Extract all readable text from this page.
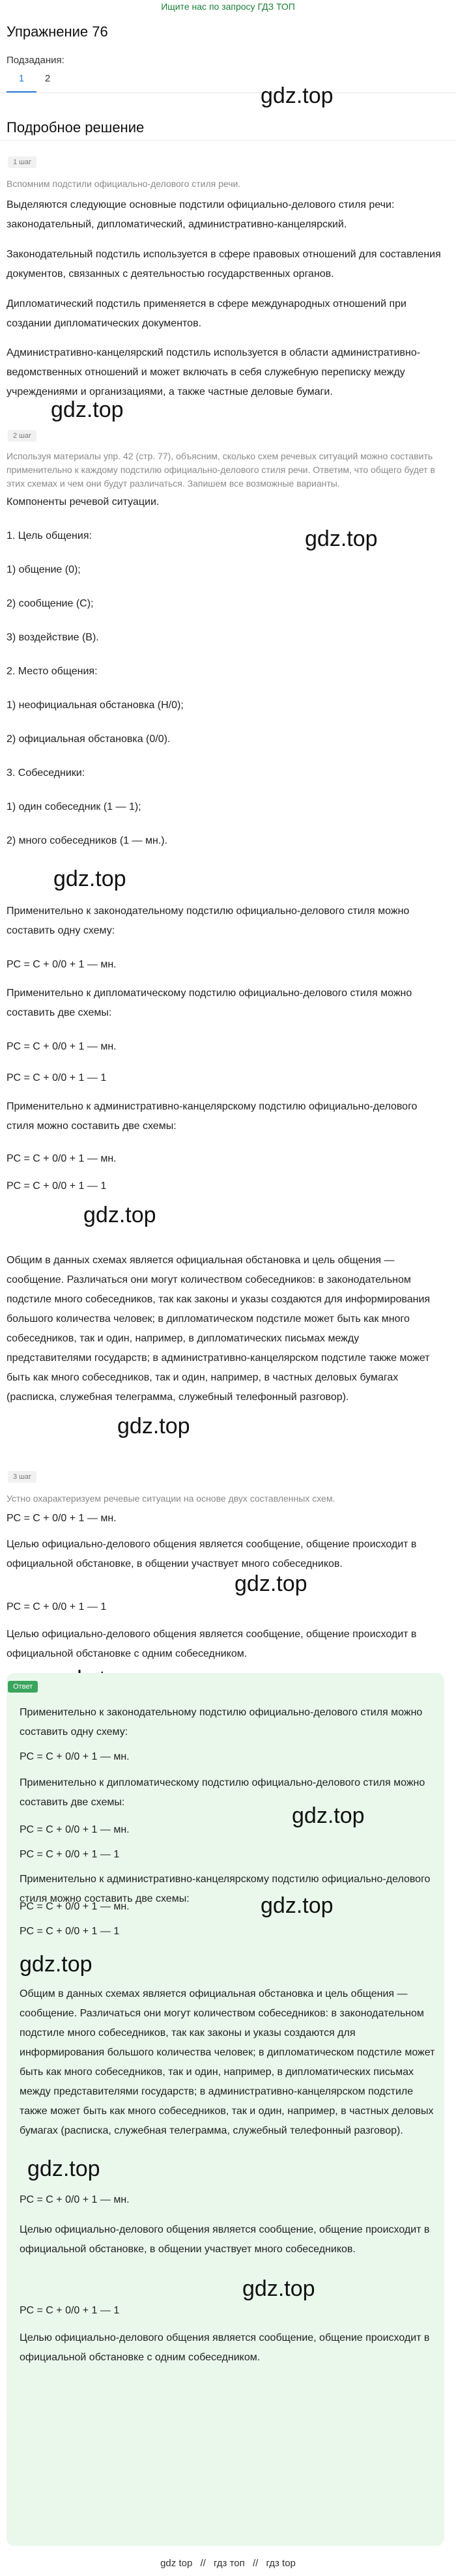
Ищите нас по запросу ГДЗ ТОП
Упражнение 76
Подзадания:
1	2
gdz.top
Подробное решение
1 шаг
Вспомним подстили официально-делового стиля речи.
Выделяются следующие основные подстили официально-делового стиля речи: законодательный, дипломатический, административно-канцелярский.
Законодательный подстиль используется в сфере правовых отношений для составления документов, связанных с деятельностью государственных органов.
Дипломатический подстиль применяется в сфере международных отношений при создании дипломатических документов.
Административно-канцелярский подстиль используется в области административно-ведомственных отношений и может включать в себя служебную переписку между учреждениями и организациями, а также частные деловые бумаги.
gdz.top
2 шаг
Используя материалы упр. 42 (стр. 77), объясним, сколько схем речевых ситуаций можно составить применительно к каждому подстилю официально-делового стиля речи. Ответим, что общего будет в этих схемах и чем они будут различаться. Запишем все возможные варианты.
Компоненты речевой ситуации.
1. Цель общения:	gdz.top
1) общение (0);
2) сообщение (С);
3) воздействие (В).
2. Место общения:
1) неофициальная обстановка (Н/0);
2) официальная обстановка (0/0).
3. Собеседники:
1) один собеседник (1 — 1);
2) много собеседников (1 — мн.).
gdz.top
Применительно к законодательному подстилю официально-делового стиля можно составить одну схему:
РС = С + 0/0 + 1 — мн.
Применительно к дипломатическому подстилю официально-делового стиля можно составить две схемы:
РС = С + 0/0 + 1 — мн.
РС = С + 0/0 + 1 — 1
Применительно к административно-канцелярскому подстилю официально-делового стиля можно составить две схемы:
РС = С + 0/0 + 1 — мн.
РС = С + 0/0 + 1 — 1
gdz.top
Общим в данных схемах является официальная обстановка и цель общения — сообщение. Различаться они могут количеством собеседников: в законодательном подстиле много собеседников, так как законы и указы создаются для информирования большого количества человек; в дипломатическом подстиле может быть как много собеседников, так и один, например, в дипломатических письмах между представителями государств; в административно-канцелярском подстиле также может быть как много собеседников, так и один, например, в частных деловых бумагах (расписка, служебная телеграмма, служебный телефонный разговор).
gdz.top
3 шаг
Устно охарактеризуем речевые ситуации на основе двух составленных схем.
РС = С + 0/0 + 1 — мн.
gdz.top
Целью официально-делового общения является сообщение, общение происходит в официальной обстановке, в общении участвует много собеседников.
РС = С + 0/0 + 1 — 1
Целью официально-делового общения является сообщение, общение происходит в официальной обстановке с одним собеседником.
Ответ
Применительно к законодательному подстилю официально-делового стиля можно составить одну схему:
РС = С + 0/0 + 1 — мн.
Применительно к дипломатическому подстилю официально-делового стиля можно составить две схемы:
gdz.top
РС = С + 0/0 + 1 — мн.
РС = С + 0/0 + 1 — 1
Применительно к административно-канцелярскому подстилю официально-делового стиля можно составить две схемы:	gdz.top
РС = С + 0/0 + 1 — мн.
РС = С + 0/0 + 1 — 1
gdz.top
Общим в данных схемах является официальная обстановка и цель общения — сообщение. Различаться они могут количеством собеседников: в законодательном подстиле много собеседников, так как законы и указы создаются для информирования большого количества человек; в дипломатическом подстиле может быть как много собеседников, так и один, например, в дипломатических письмах между представителями государств; в административно-канцелярском подстиле также может быть как много собеседников, так и один, например, в частных деловых бумагах (расписка, служебная телеграмма, служебный телефонный разговор).
gdz.top
РС = С + 0/0 + 1 — мн.
Целью официально-делового общения является сообщение, общение происходит в официальной обстановке, в общении участвует много собеседников.
gdz.top
РС = С + 0/0 + 1 — 1
Целью официально-делового общения является сообщение, общение происходит в официальной обстановке с одним собеседником.
gdz top // гдз топ // гдз top
